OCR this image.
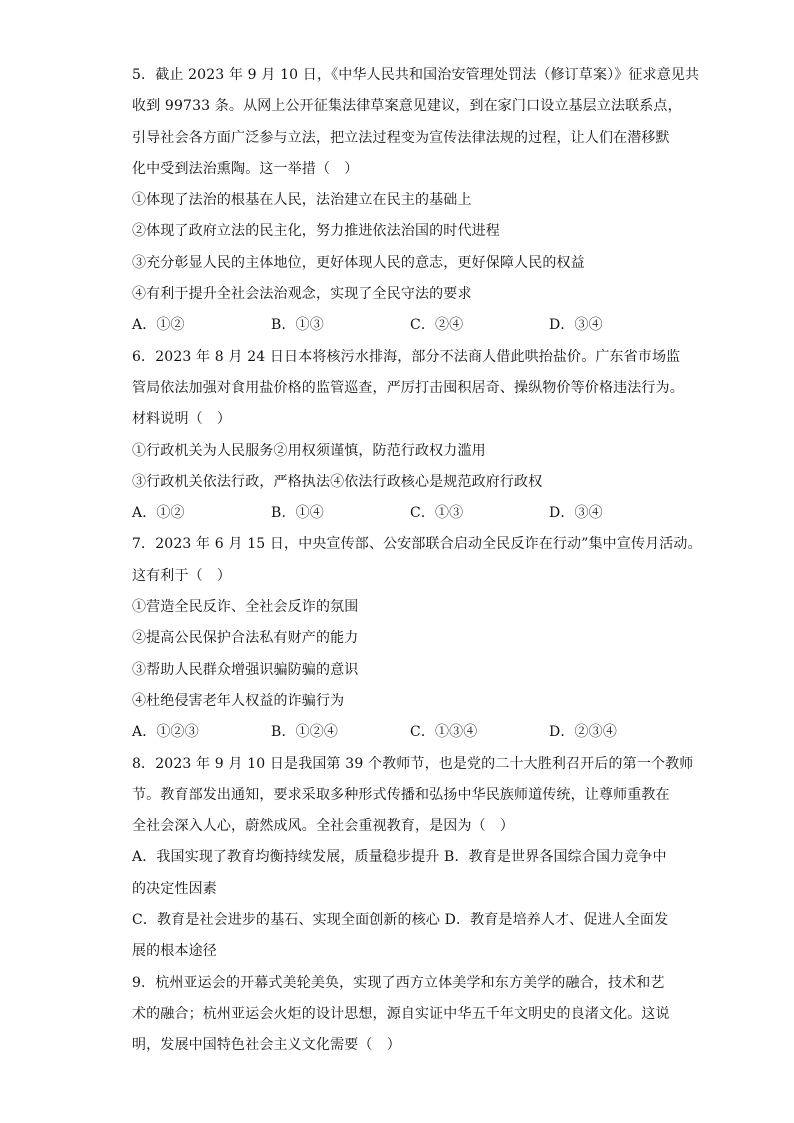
5．截止 2023 年 9 月 10 日，《中华人民共和国治安管理处罚法（修订草案）》征求意见共
收到 99733 条。从网上公开征集法律草案意见建议，到在家门口设立基层立法联系点，
引导社会各方面广泛参与立法，把立法过程变为宣传法律法规的过程，让人们在潜移默
化中受到法治熏陶。这一举措（　）
①体现了法治的根基在人民，法治建立在民主的基础上
②体现了政府立法的民主化，努力推进依法治国的时代进程
③充分彰显人民的主体地位，更好体现人民的意志，更好保障人民的权益
④有利于提升全社会法治观念，实现了全民守法的要求
A．①②	B．①③	C．②④	D．③④
6．2023 年 8 月 24 日日本将核污水排海，部分不法商人借此哄抬盐价。广东省市场监
管局依法加强对食用盐价格的监管巡查，严厉打击囤积居奇、操纵物价等价格违法行为。
材料说明（　）
①行政机关为人民服务②用权须谨慎，防范行政权力滥用
③行政机关依法行政，严格执法④依法行政核心是规范政府行政权
A．①②	B．①④	C．①③	D．③④
7．2023 年 6 月 15 日，中央宣传部、公安部联合启动全民反诈在行动”集中宣传月活动。
这有利于（　）
①营造全民反诈、全社会反诈的氛围
②提高公民保护合法私有财产的能力
③帮助人民群众增强识骗防骗的意识
④杜绝侵害老年人权益的诈骗行为
A．①②③	B．①②④	C．①③④	D．②③④
8．2023 年 9 月 10 日是我国第 39 个教师节，也是党的二十大胜利召开后的第一个教师
节。教育部发出通知，要求采取多种形式传播和弘扬中华民族师道传统，让尊师重教在
全社会深入人心，蔚然成风。全社会重视教育，是因为（　）
A．我国实现了教育均衡持续发展，质量稳步提升 B．教育是世界各国综合国力竞争中
的决定性因素
C．教育是社会进步的基石、实现全面创新的核心 D．教育是培养人才、促进人全面发
展的根本途径
9．杭州亚运会的开幕式美轮美奂，实现了西方立体美学和东方美学的融合，技术和艺
术的融合；杭州亚运会火炬的设计思想，源自实证中华五千年文明史的良渚文化。这说
明，发展中国特色社会主义文化需要（　）
